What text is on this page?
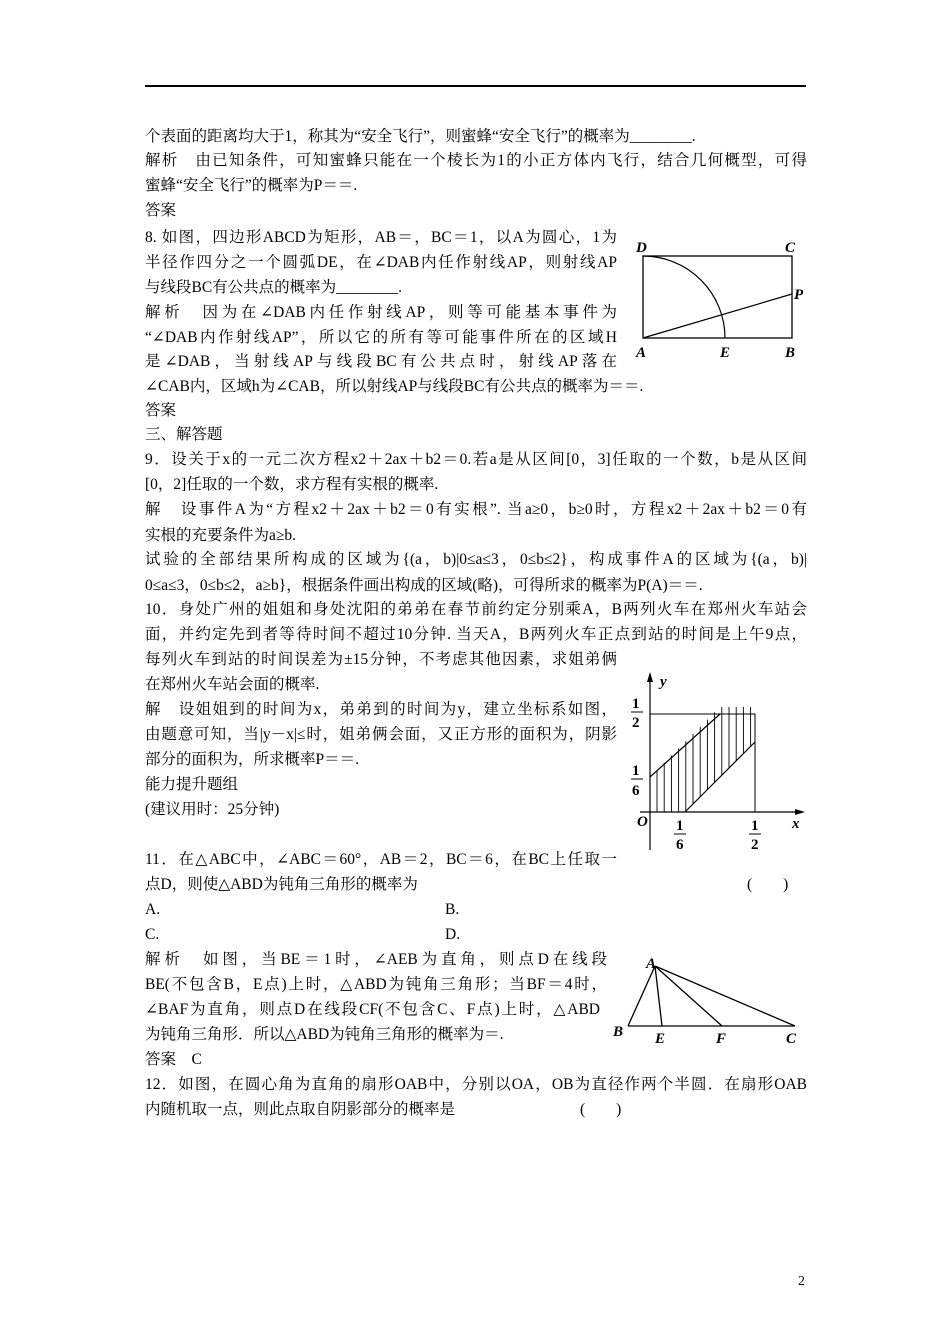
个表面的距离均大于1，称其为“安全飞行”，则蜜蜂“安全飞行”的概率为________.
解析　由已知条件，可知蜜蜂只能在一个棱长为1的小正方体内飞行，结合几何概型，可得
蜜蜂“安全飞行”的概率为P＝＝.
答案
8. 如图，四边形ABCD为矩形，AB＝，BC＝1，以A为圆心，1为
半径作四分之一个圆弧DE，在∠DAB内任作射线AP，则射线AP
与线段BC有公共点的概率为________.
解析　因为在∠DAB内任作射线AP，则等可能基本事件为
“∠DAB内作射线AP”，所以它的所有等可能事件所在的区域H
是∠DAB，当射线AP与线段BC有公共点时，射线AP落在
∠CAB内，区域h为∠CAB，所以射线AP与线段BC有公共点的概率为＝＝.
答案
三、解答题
9．设关于x的一元二次方程x2＋2ax＋b2＝0.若a是从区间[0，3]任取的一个数，b是从区间
[0，2]任取的一个数，求方程有实根的概率.
解　设事件A为“方程x2＋2ax＋b2＝0有实根”. 当a≥0，b≥0时，方程x2＋2ax＋b2＝0有
实根的充要条件为a≥b.
试验的全部结果所构成的区域为{(a，b)|0≤a≤3，0≤b≤2}，构成事件A的区域为{(a，b)|
0≤a≤3，0≤b≤2，a≥b}，根据条件画出构成的区域(略)，可得所求的概率为P(A)＝＝.
10．身处广州的姐姐和身处沈阳的弟弟在春节前约定分别乘A，B两列火车在郑州火车站会
面，并约定先到者等待时间不超过10分钟. 当天A，B两列火车正点到站的时间是上午9点，
每列火车到站的时间误差为±15分钟，不考虑其他因素，求姐弟俩
在郑州火车站会面的概率.
解　设姐姐到的时间为x，弟弟到的时间为y，建立坐标系如图，
由题意可知，当|y－x|≤时，姐弟俩会面，又正方形的面积为，阴影
部分的面积为，所求概率P＝＝.
能力提升题组
(建议用时：25分钟)
11．在△ABC中，∠ABC＝60°，AB＝2，BC＝6，在BC上任取一
点D，则使△ABD为钝角三角形的概率为	(　　)
A.	B.
C.	D.
解析　如图，当BE＝1时，∠AEB为直角，则点D在线段
BE(不包含B，E点)上时，△ABD为钝角三角形；当BF＝4时，
∠BAF为直角，则点D在线段CF(不包含C、F点)上时，△ABD
为钝角三角形．所以△ABD为钝角三角形的概率为＝.
答案　C
12．如图，在圆心角为直角的扇形OAB中，分别以OA，OB为直径作两个半圆．在扇形OAB
内随机取一点，则此点取自阴影部分的概率是	(　　)
D	C
P
A	E	B
y
x
O
1
2
1
6
1
6
1
2
A
B E	F	C
2
